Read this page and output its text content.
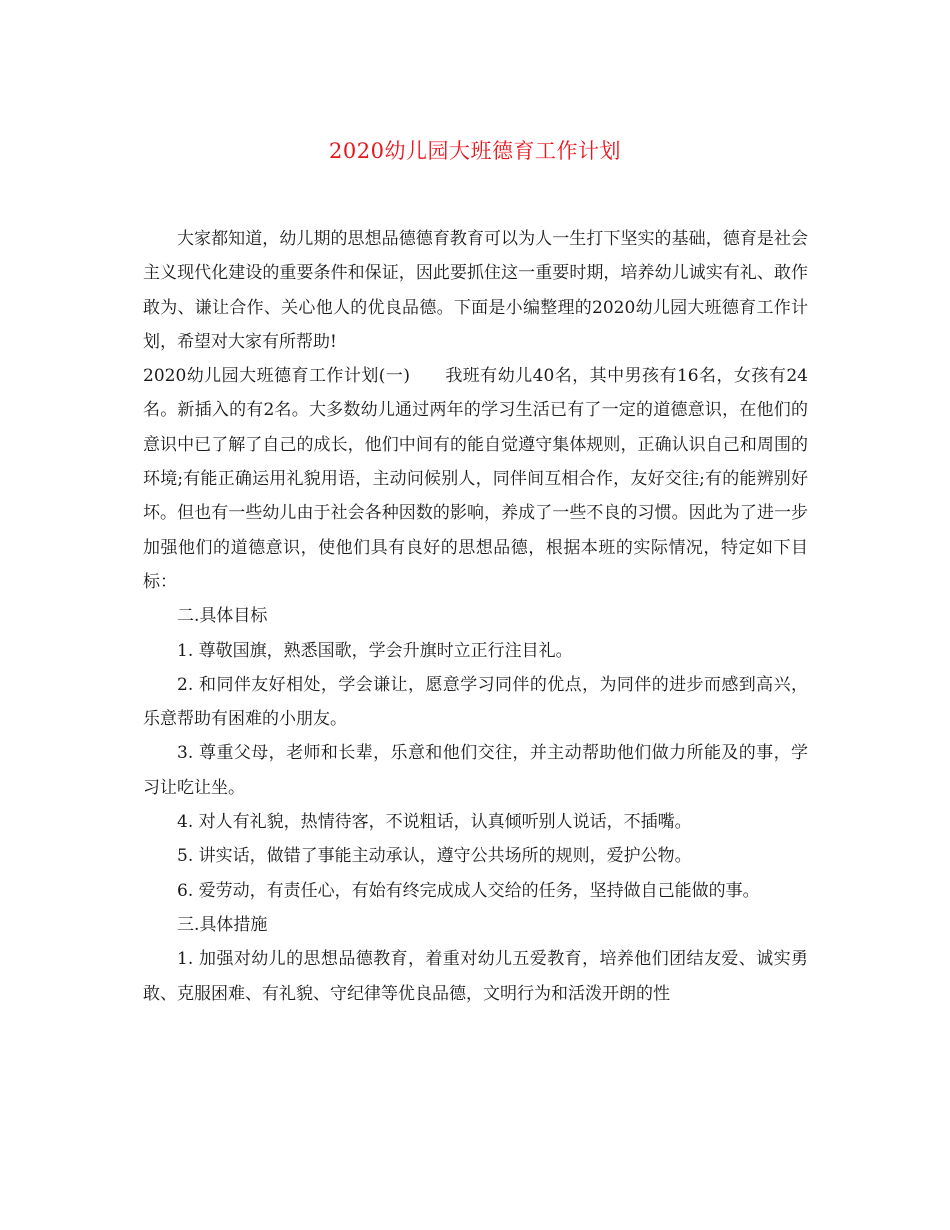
2020幼儿园大班德育工作计划

大家都知道，幼儿期的思想品德德育教育可以为人一生打下坚实的基础，德育是社会主义现代化建设的重要条件和保证，因此要抓住这一重要时期，培养幼儿诚实有礼、敢作敢为、谦让合作、关心他人的优良品德。下面是小编整理的2020幼儿园大班德育工作计划，希望对大家有所帮助!

2020幼儿园大班德育工作计划(一)　　我班有幼儿40名，其中男孩有16名，女孩有24名。新插入的有2名。大多数幼儿通过两年的学习生活已有了一定的道德意识，在他们的意识中已了解了自己的成长，他们中间有的能自觉遵守集体规则，正确认识自己和周围的环境;有能正确运用礼貌用语，主动问候别人，同伴间互相合作，友好交往;有的能辨别好坏。但也有一些幼儿由于社会各种因数的影响，养成了一些不良的习惯。因此为了进一步加强他们的道德意识，使他们具有良好的思想品德，根据本班的实际情况，特定如下目标：

二.具体目标

1. 尊敬国旗，熟悉国歌，学会升旗时立正行注目礼。

2. 和同伴友好相处，学会谦让，愿意学习同伴的优点，为同伴的进步而感到高兴，乐意帮助有困难的小朋友。

3. 尊重父母，老师和长辈，乐意和他们交往，并主动帮助他们做力所能及的事，学习让吃让坐。

4. 对人有礼貌，热情待客，不说粗话，认真倾听别人说话，不插嘴。

5. 讲实话，做错了事能主动承认，遵守公共场所的规则，爱护公物。

6. 爱劳动，有责任心，有始有终完成成人交给的任务，坚持做自己能做的事。

三.具体措施

1. 加强对幼儿的思想品德教育，着重对幼儿五爱教育，培养他们团结友爱、诚实勇敢、克服困难、有礼貌、守纪律等优良品德，文明行为和活泼开朗的性
